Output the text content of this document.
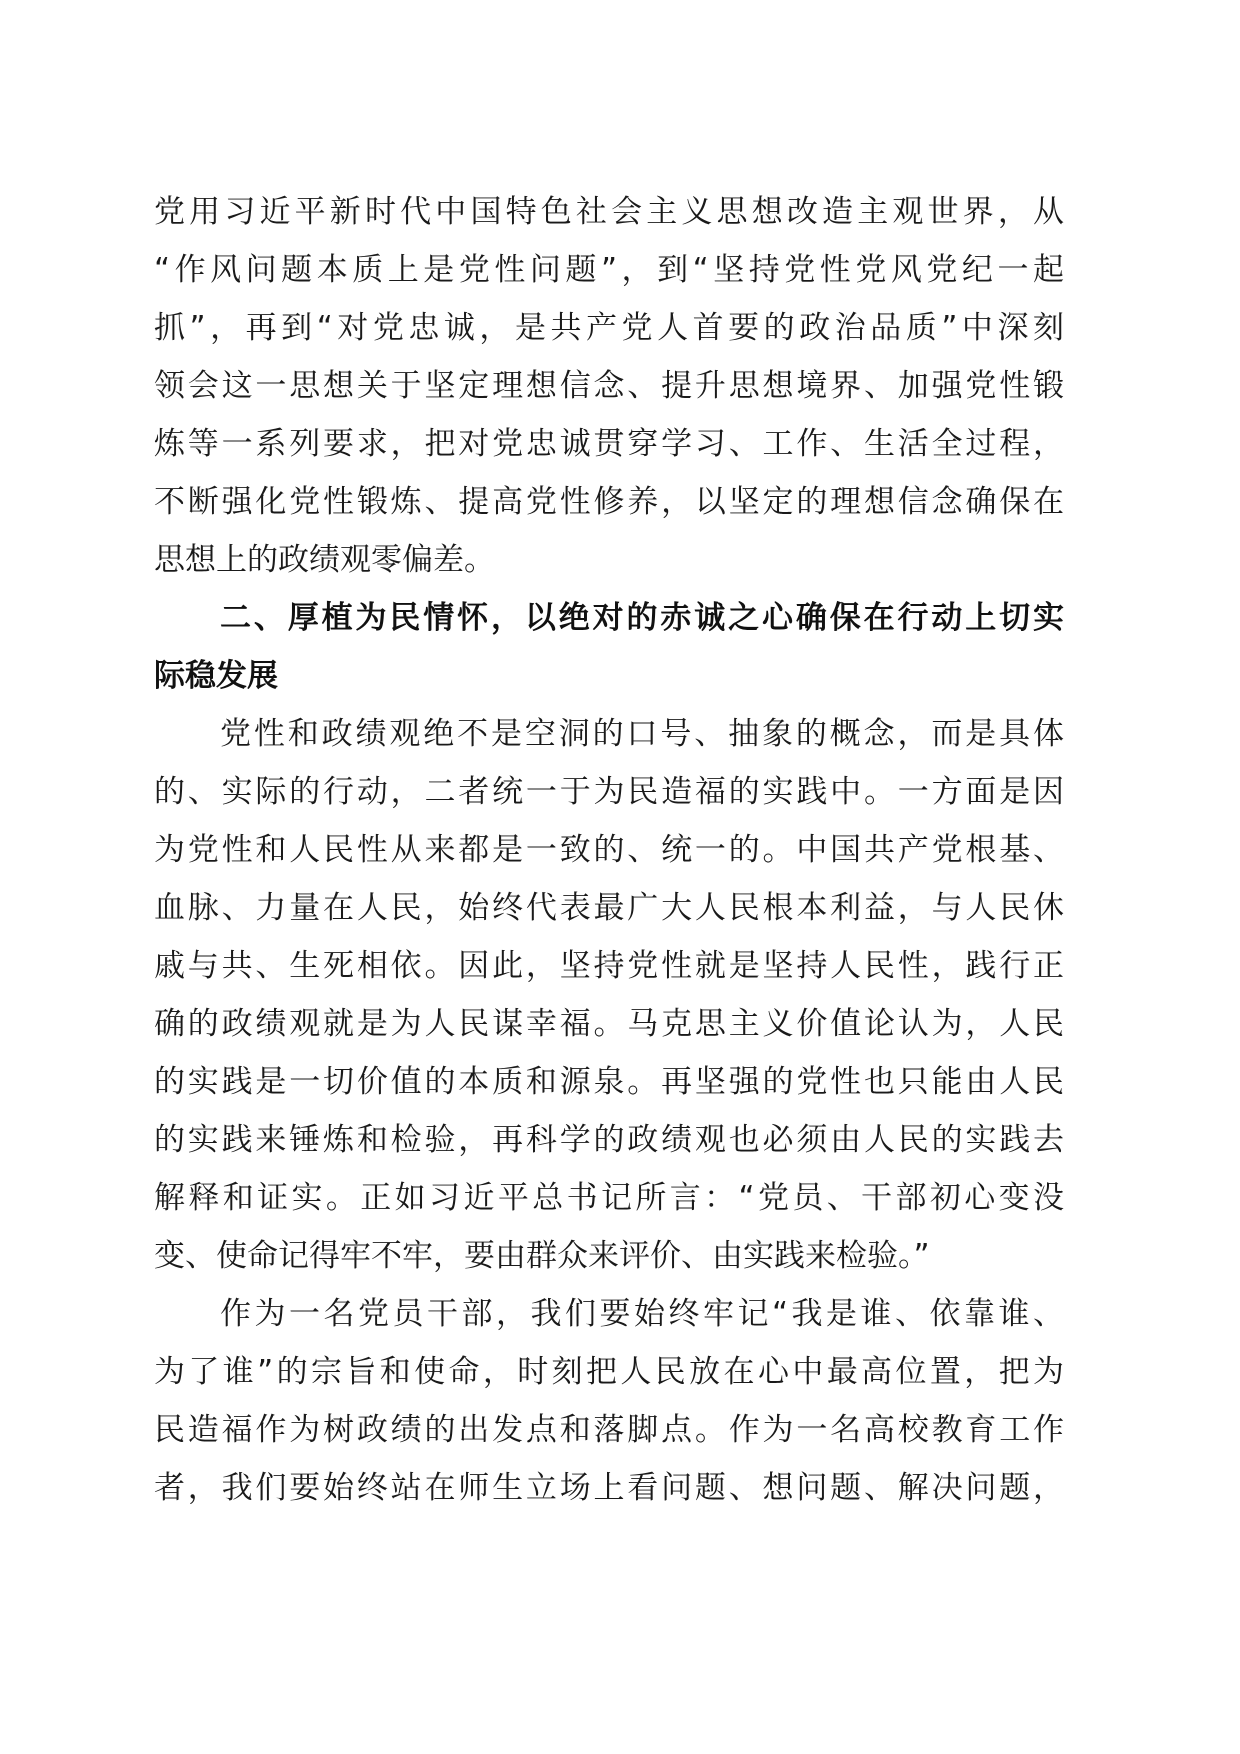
党用习近平新时代中国特色社会主义思想改造主观世界，从
“作风问题本质上是党性问题”，到“坚持党性党风党纪一起
抓”，再到“对党忠诚，是共产党人首要的政治品质”中深刻
领会这一思想关于坚定理想信念、提升思想境界、加强党性锻
炼等一系列要求，把对党忠诚贯穿学习、工作、生活全过程，
不断强化党性锻炼、提高党性修养，以坚定的理想信念确保在
思想上的政绩观零偏差。
二、厚植为民情怀，以绝对的赤诚之心确保在行动上切实
际稳发展
党性和政绩观绝不是空洞的口号、抽象的概念，而是具体
的、实际的行动，二者统一于为民造福的实践中。一方面是因
为党性和人民性从来都是一致的、统一的。中国共产党根基、
血脉、力量在人民，始终代表最广大人民根本利益，与人民休
戚与共、生死相依。因此，坚持党性就是坚持人民性，践行正
确的政绩观就是为人民谋幸福。马克思主义价值论认为，人民
的实践是一切价值的本质和源泉。再坚强的党性也只能由人民
的实践来锤炼和检验，再科学的政绩观也必须由人民的实践去
解释和证实。正如习近平总书记所言：“党员、干部初心变没
变、使命记得牢不牢，要由群众来评价、由实践来检验。”
作为一名党员干部，我们要始终牢记“我是谁、依靠谁、
为了谁”的宗旨和使命，时刻把人民放在心中最高位置，把为
民造福作为树政绩的出发点和落脚点。作为一名高校教育工作
者，我们要始终站在师生立场上看问题、想问题、解决问题，
